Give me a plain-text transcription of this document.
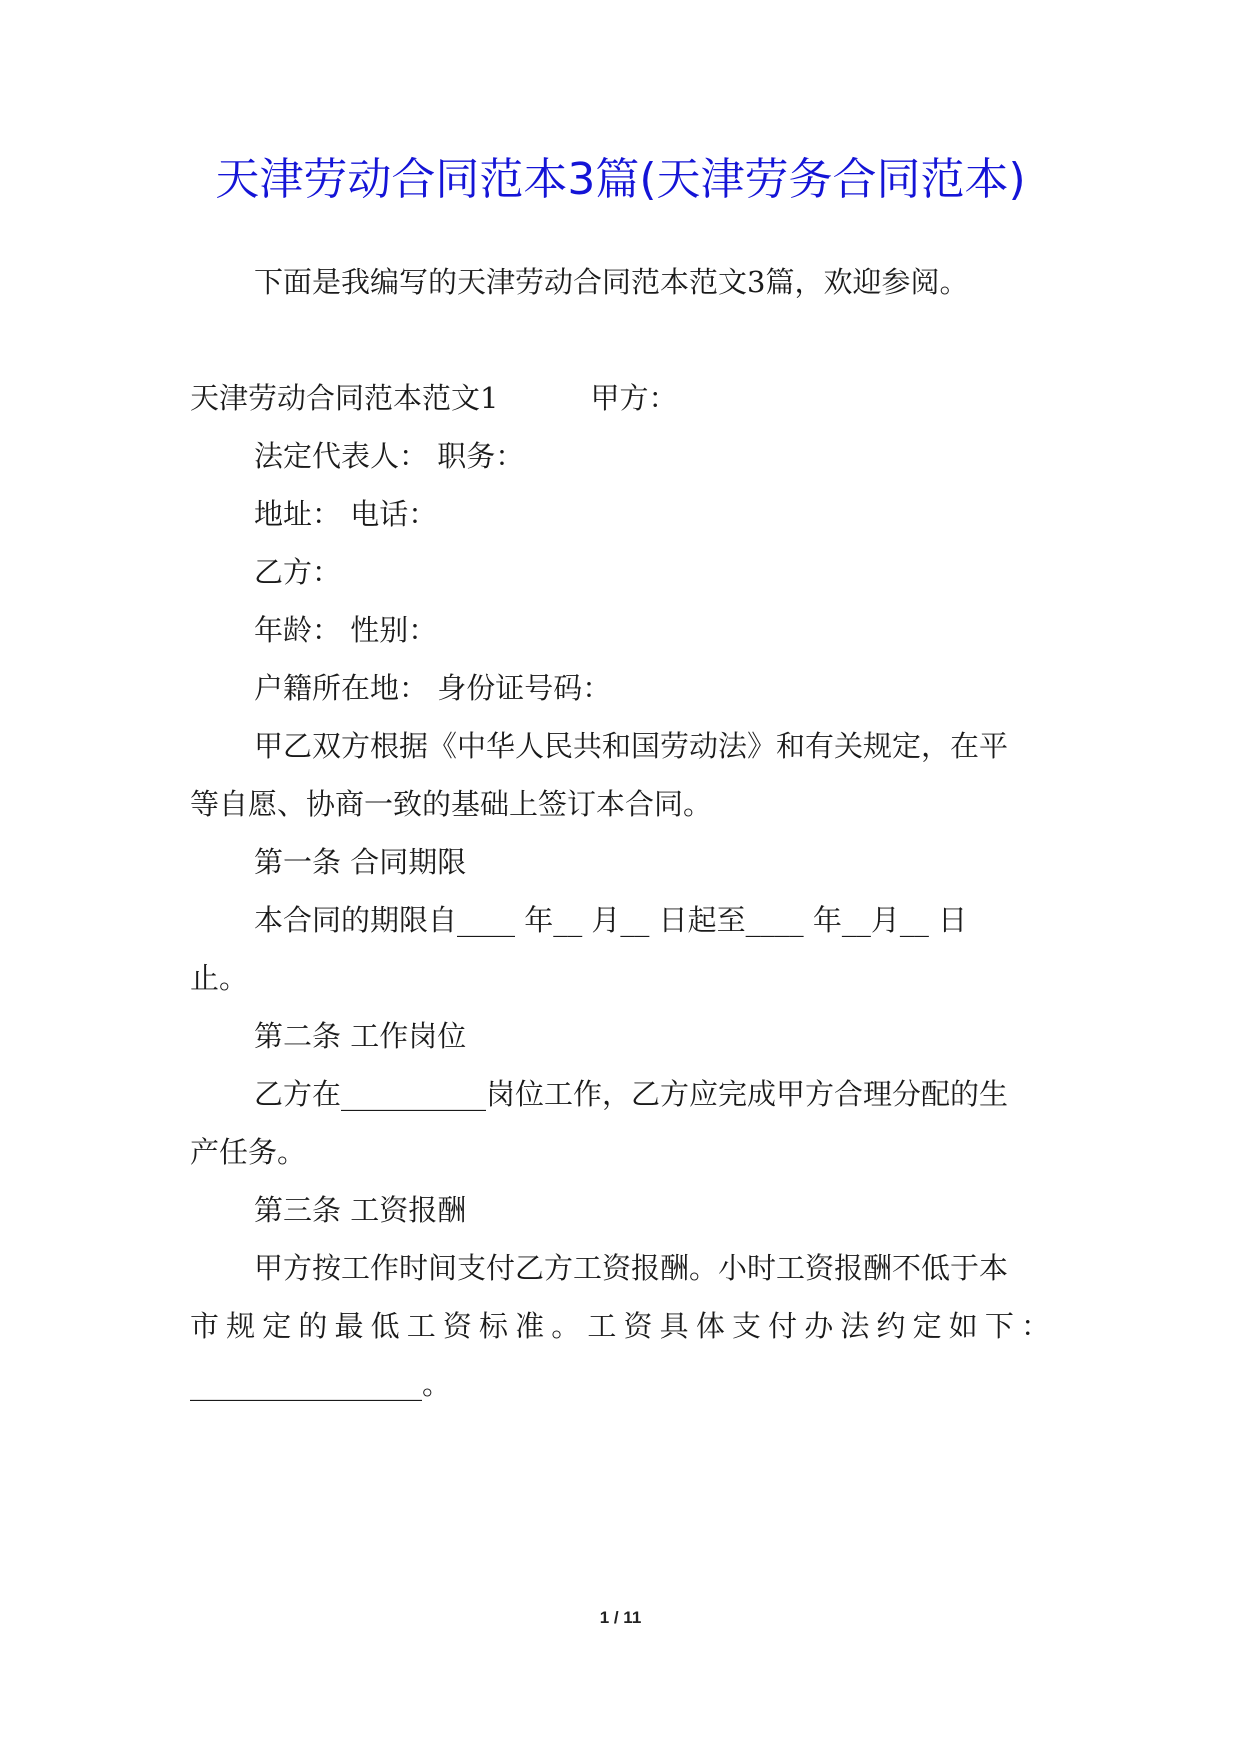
天津劳动合同范本3篇(天津劳务合同范本)
下面是我编写的天津劳动合同范本范文3篇，欢迎参阅。
天津劳动合同范本范文1	甲方：
法定代表人： 职务：
地址： 电话：
乙方：
年龄： 性别：
户籍所在地： 身份证号码：
甲乙双方根据《中华人民共和国劳动法》和有关规定，在平
等自愿、协商一致的基础上签订本合同。
第一条 合同期限
本合同的期限自____ 年__ 月__ 日起至____ 年__月__ 日
止。
第二条 工作岗位
乙方在__________岗位工作，乙方应完成甲方合理分配的生
产任务。
第三条 工资报酬
甲方按工作时间支付乙方工资报酬。小时工资报酬不低于本
市规定的最低工资标准。工资具体支付办法约定如下：
________________。
1 / 11
